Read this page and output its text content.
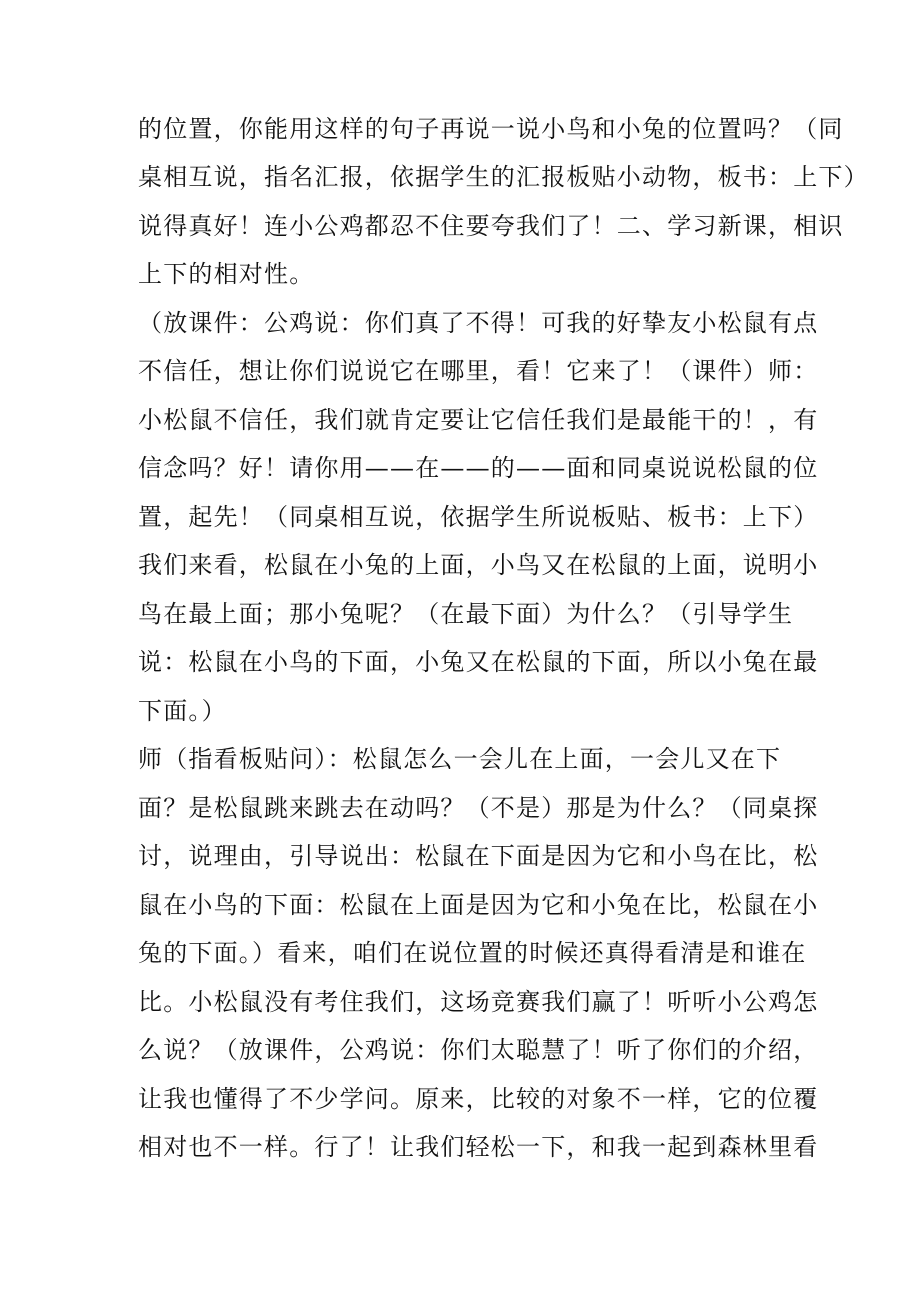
的位置，你能用这样的句子再说一说小鸟和小兔的位置吗？（同
桌相互说，指名汇报，依据学生的汇报板贴小动物，板书：上下）
说得真好！连小公鸡都忍不住要夸我们了！二、学习新课，相识
上下的相对性。
（放课件：公鸡说：你们真了不得！可我的好挚友小松鼠有点
不信任，想让你们说说它在哪里，看！它来了！（课件）师：
小松鼠不信任，我们就肯定要让它信任我们是最能干的！，有
信念吗？好！请你用——在——的——面和同桌说说松鼠的位
置，起先！（同桌相互说，依据学生所说板贴、板书：上下）
我们来看，松鼠在小兔的上面，小鸟又在松鼠的上面，说明小
鸟在最上面；那小兔呢？（在最下面）为什么？（引导学生
说：松鼠在小鸟的下面，小兔又在松鼠的下面，所以小兔在最
下面。）
师（指看板贴问）：松鼠怎么一会儿在上面，一会儿又在下
面？是松鼠跳来跳去在动吗？（不是）那是为什么？（同桌探
讨，说理由，引导说出：松鼠在下面是因为它和小鸟在比，松
鼠在小鸟的下面：松鼠在上面是因为它和小兔在比，松鼠在小
兔的下面。）看来，咱们在说位置的时候还真得看清是和谁在
比。小松鼠没有考住我们，这场竞赛我们赢了！听听小公鸡怎
么说？（放课件，公鸡说：你们太聪慧了！听了你们的介绍，
让我也懂得了不少学问。原来，比较的对象不一样，它的位覆
相对也不一样。行了！让我们轻松一下，和我一起到森林里看
